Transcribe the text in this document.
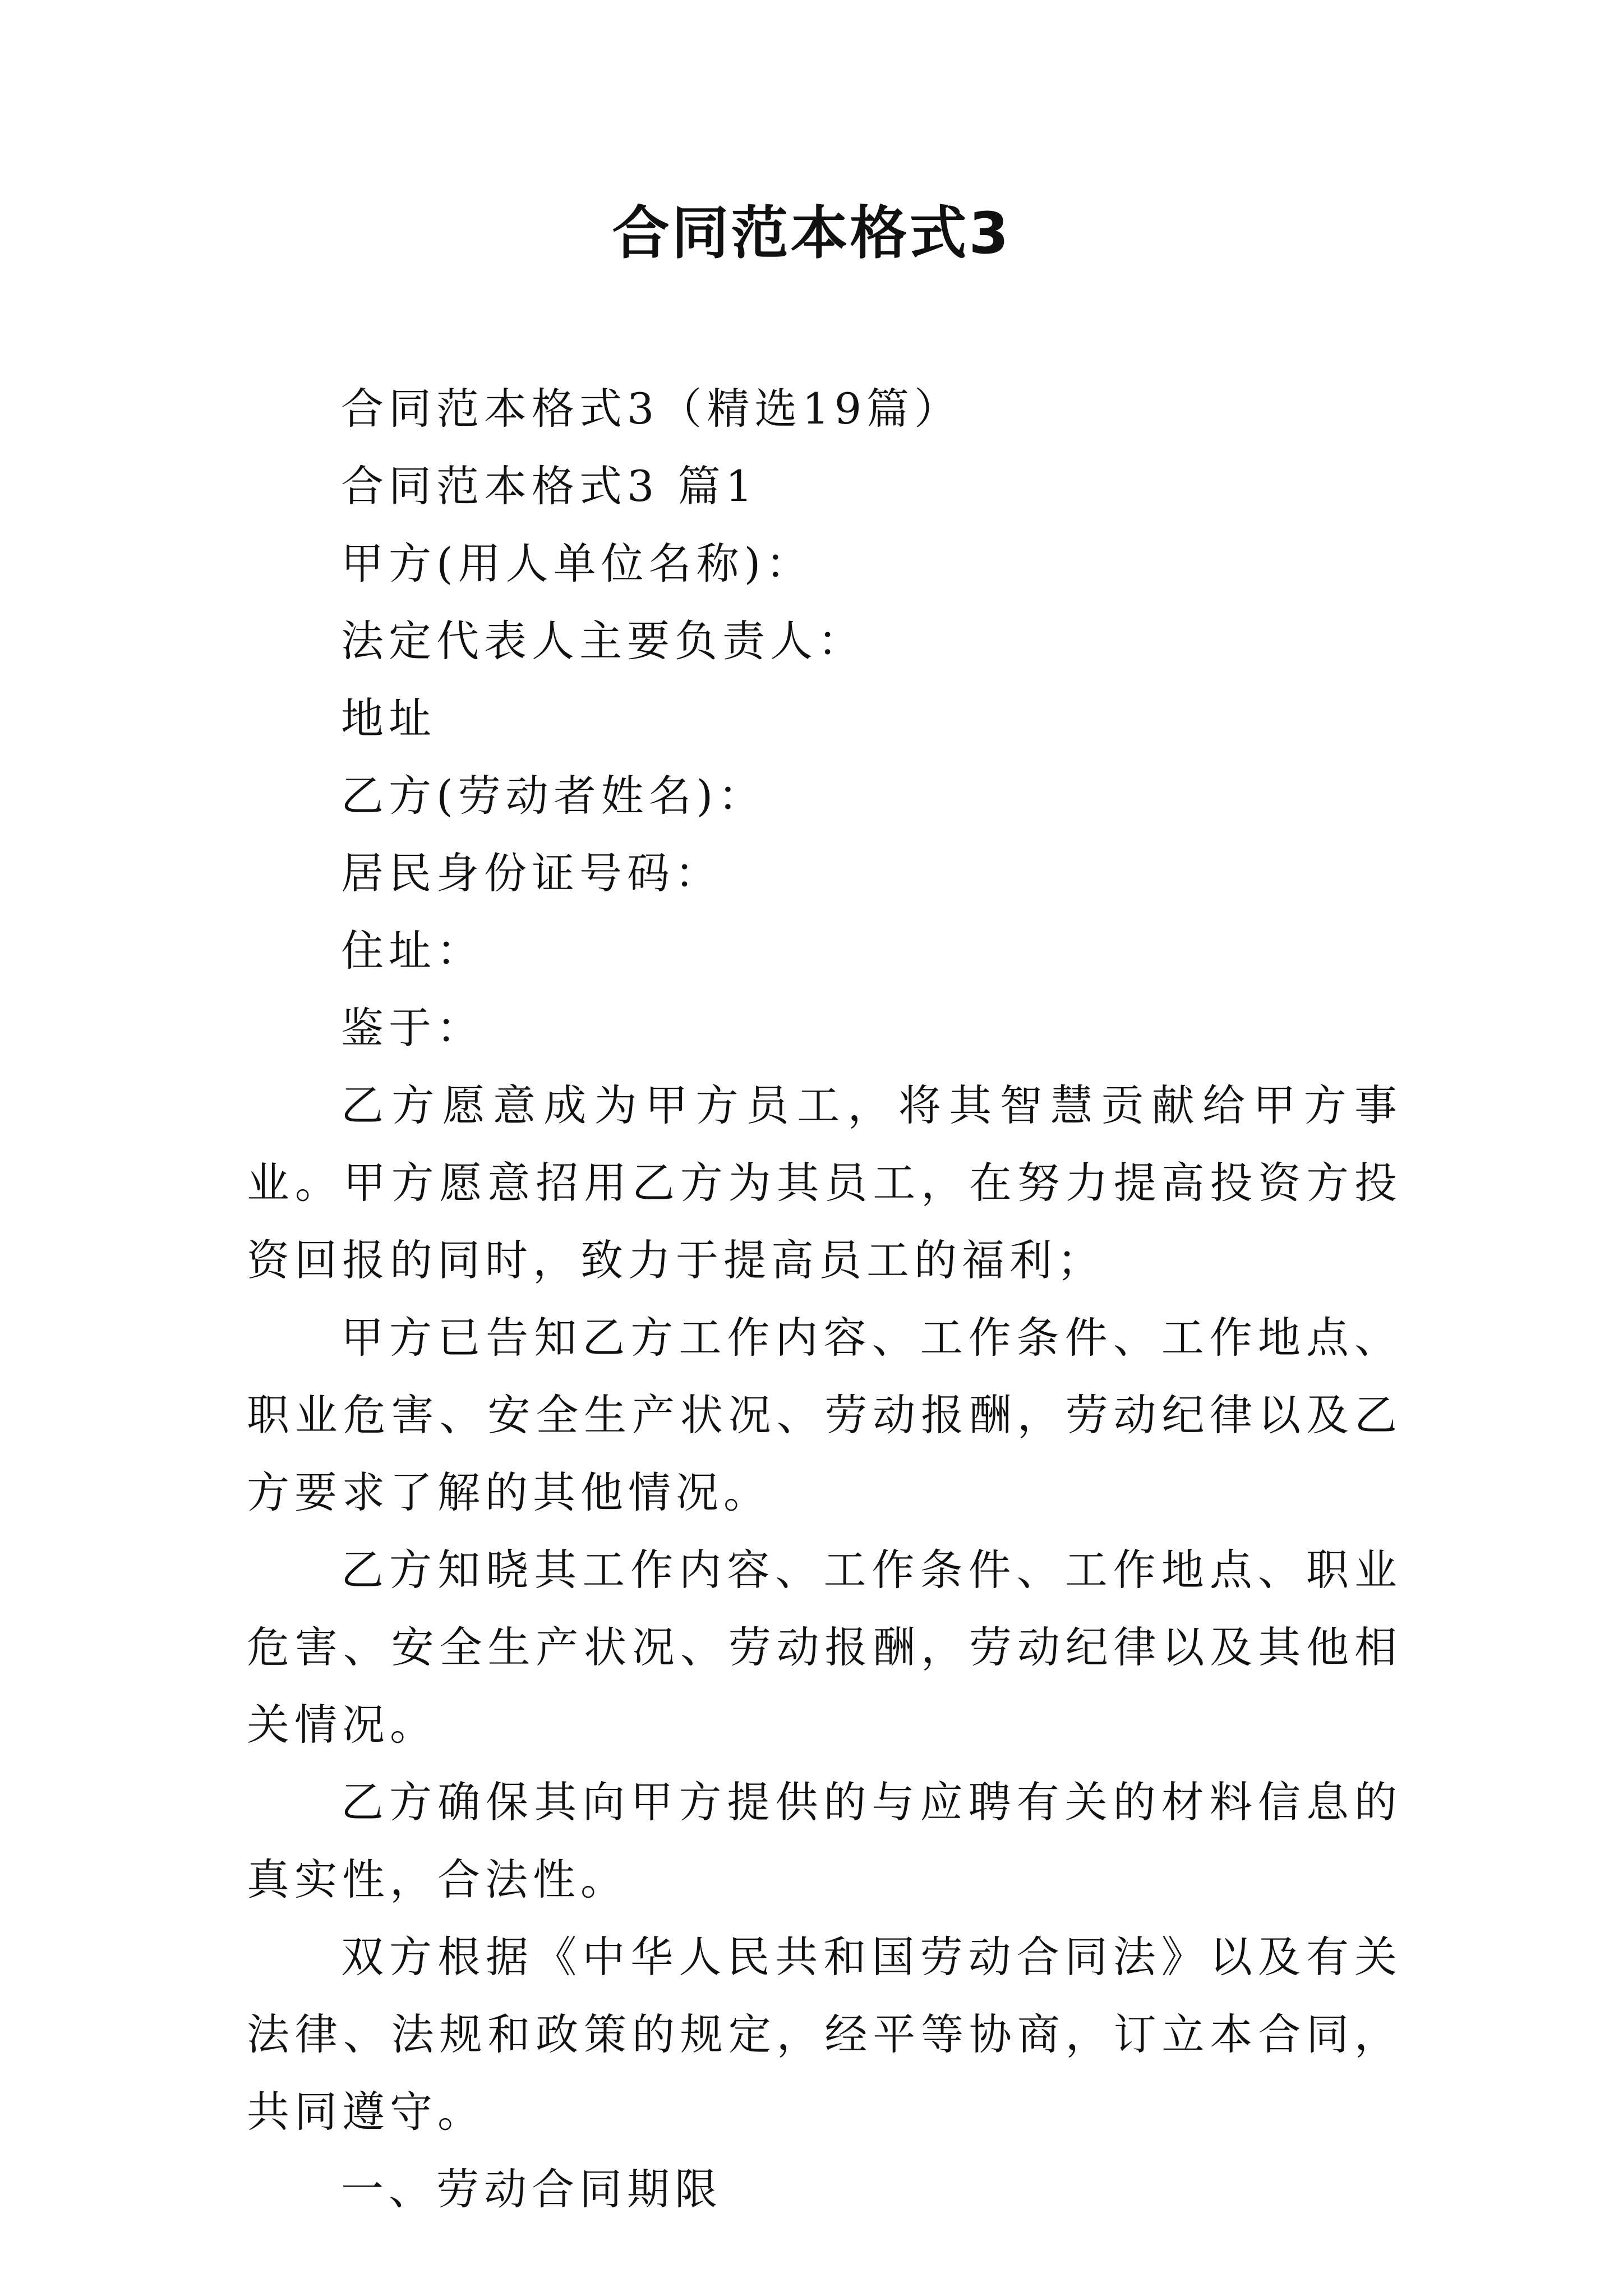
合同范本格式3

合同范本格式3（精选19篇）

合同范本格式3 篇1

甲方(用人单位名称)：

法定代表人主要负责人：

地址

乙方(劳动者姓名)：

居民身份证号码：

住址：

鉴于：

乙方愿意成为甲方员工，将其智慧贡献给甲方事业。甲方愿意招用乙方为其员工，在努力提高投资方投资回报的同时，致力于提高员工的福利；

甲方已告知乙方工作内容、工作条件、工作地点、职业危害、安全生产状况、劳动报酬，劳动纪律以及乙方要求了解的其他情况。

乙方知晓其工作内容、工作条件、工作地点、职业危害、安全生产状况、劳动报酬，劳动纪律以及其他相关情况。

乙方确保其向甲方提供的与应聘有关的材料信息的真实性，合法性。

双方根据《中华人民共和国劳动合同法》以及有关法律、法规和政策的规定，经平等协商，订立本合同，共同遵守。

一、劳动合同期限
